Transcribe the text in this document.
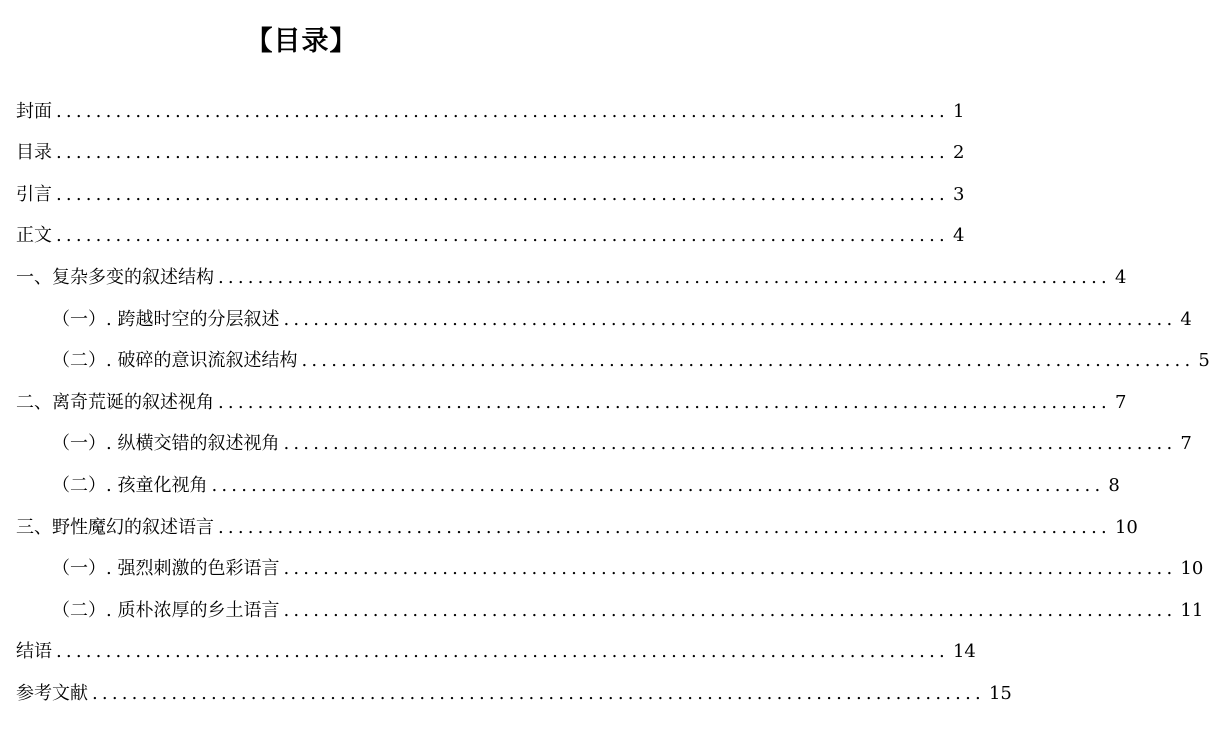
【目录】
封面 .......................................................................................... 1
目录 .......................................................................................... 2
引言 .......................................................................................... 3
正文 .......................................................................................... 4
一、复杂多变的叙述结构 .......................................................................................... 4
（一）. 跨越时空的分层叙述 .......................................................................................... 4
（二）. 破碎的意识流叙述结构 .......................................................................................... 5
二、离奇荒诞的叙述视角 .......................................................................................... 7
（一）. 纵横交错的叙述视角 .......................................................................................... 7
（二）. 孩童化视角 .......................................................................................... 8
三、野性魔幻的叙述语言 .......................................................................................... 10
（一）. 强烈刺激的色彩语言 .......................................................................................... 10
（二）. 质朴浓厚的乡土语言 .......................................................................................... 11
结语 .......................................................................................... 14
参考文献 .......................................................................................... 15
